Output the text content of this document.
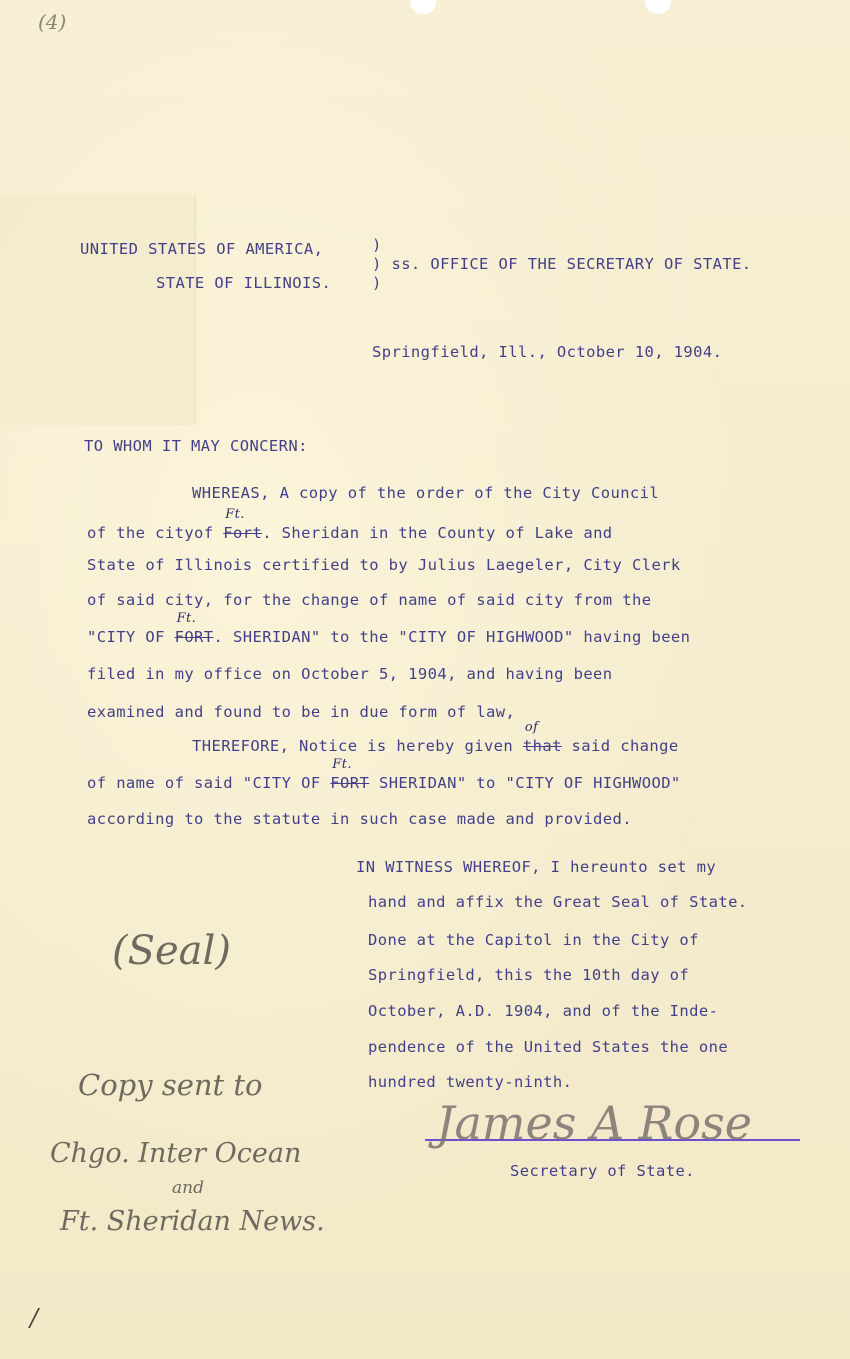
(4)
UNITED STATES OF AMERICA,
STATE OF ILLINOIS.
)
) ss. OFFICE OF THE SECRETARY OF STATE.
)
Springfield, Ill., October 10, 1904.
TO WHOM IT MAY CONCERN:
WHEREAS, A copy of the order of the City Council
of the cityof Fort
Ft.
. Sheridan in the County of Lake and
State of Illinois certified to by Julius Laegeler, City Clerk
of said city, for the change of name of said city from the
"CITY OF FORT
Ft.
. SHERIDAN" to the "CITY OF HIGHWOOD" having been
filed in my office on October 5, 1904, and having been
examined and found to be in due form of law,
THEREFORE, Notice is hereby given that
of
said change
of name of said "CITY OF FORT
Ft.
SHERIDAN" to "CITY OF HIGHWOOD"
according to the statute in such case made and provided.
IN WITNESS WHEREOF, I hereunto set my
hand and affix the Great Seal of State.
Done at the Capitol in the City of
Springfield, this the 10th day of
October, A.D. 1904, and of the Inde-
pendence of the United States the one
hundred twenty-ninth.
(Seal)
Copy sent to
Chgo. Inter Ocean
and
Ft. Sheridan News.
James A Rose
Secretary of State.
/
